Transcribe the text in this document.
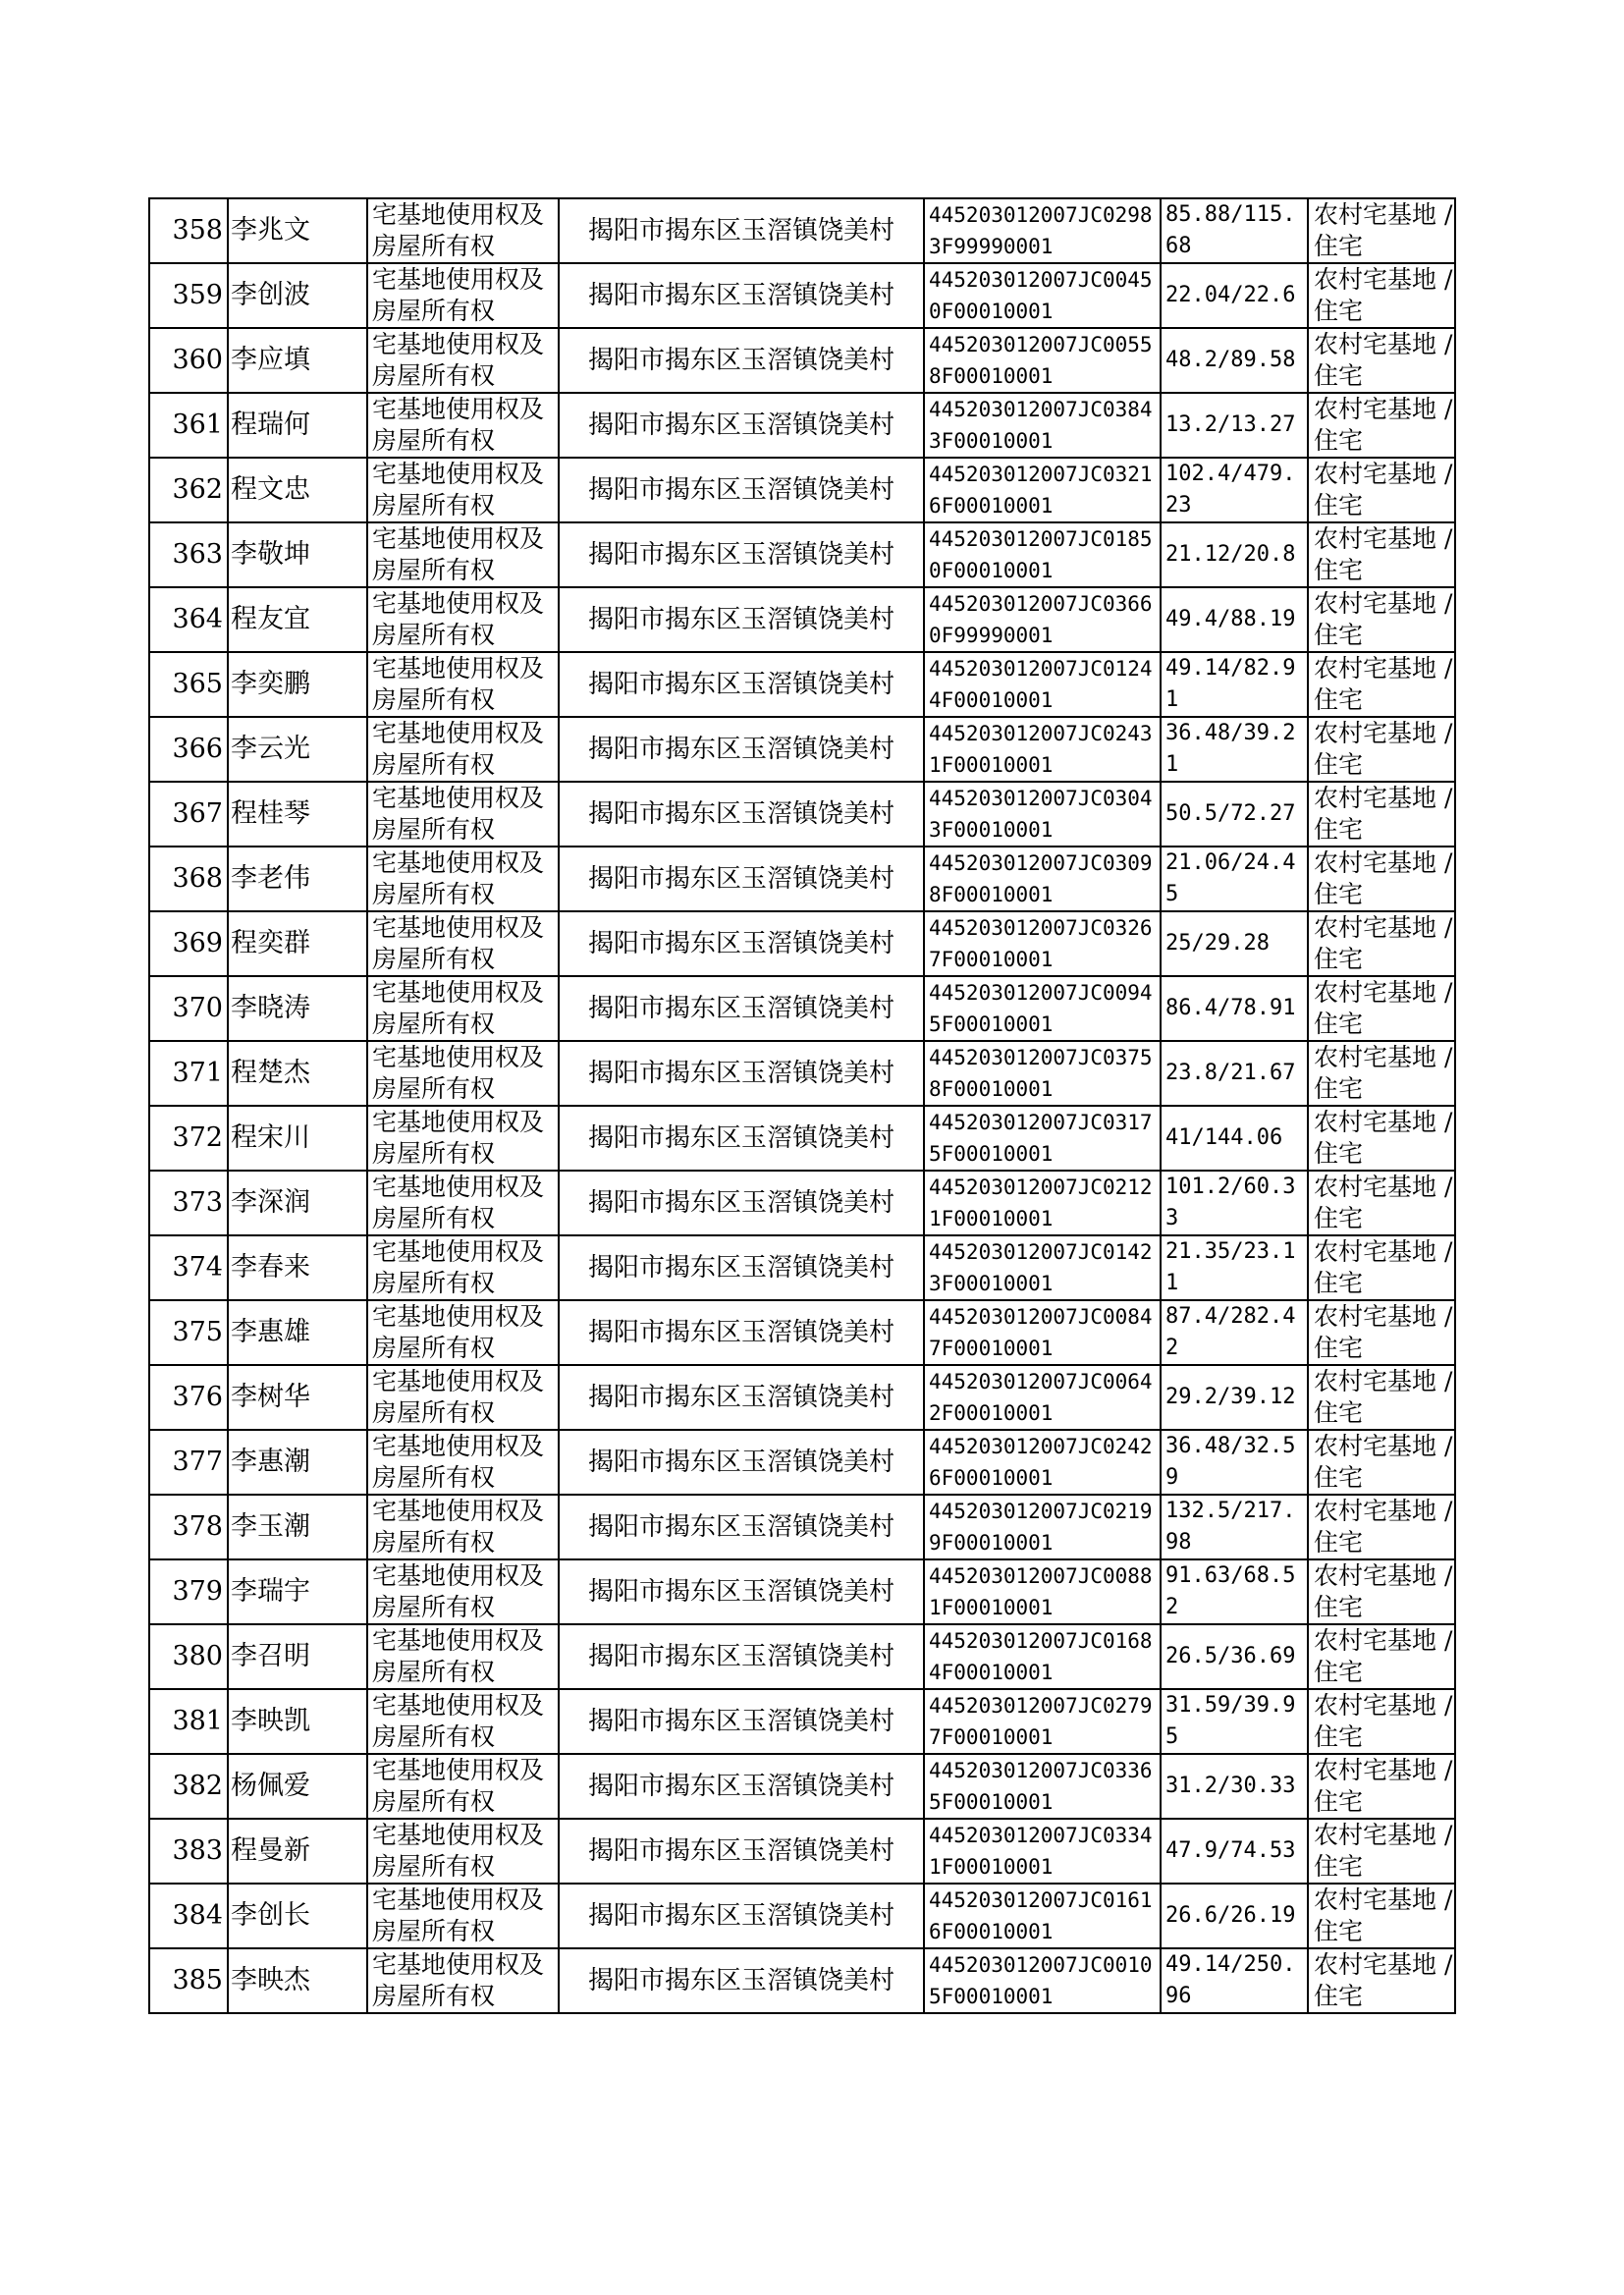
358	李兆文	宅基地使用权及房屋所有权	揭阳市揭东区玉滘镇饶美村	445203012007JC02983F99990001	85.88/115.68	农村宅基地 / 住宅

359	李创波	宅基地使用权及房屋所有权	揭阳市揭东区玉滘镇饶美村	445203012007JC00450F00010001	22.04/22.6	农村宅基地 / 住宅

360	李应填	宅基地使用权及房屋所有权	揭阳市揭东区玉滘镇饶美村	445203012007JC00558F00010001	48.2/89.58	农村宅基地 / 住宅

361	程瑞何	宅基地使用权及房屋所有权	揭阳市揭东区玉滘镇饶美村	445203012007JC03843F00010001	13.2/13.27	农村宅基地 / 住宅

362	程文忠	宅基地使用权及房屋所有权	揭阳市揭东区玉滘镇饶美村	445203012007JC03216F00010001	102.4/479.23	农村宅基地 / 住宅

363	李敬坤	宅基地使用权及房屋所有权	揭阳市揭东区玉滘镇饶美村	445203012007JC01850F00010001	21.12/20.8	农村宅基地 / 住宅

364	程友宜	宅基地使用权及房屋所有权	揭阳市揭东区玉滘镇饶美村	445203012007JC03660F99990001	49.4/88.19	农村宅基地 / 住宅

365	李奕鹏	宅基地使用权及房屋所有权	揭阳市揭东区玉滘镇饶美村	445203012007JC01244F00010001	49.14/82.91	农村宅基地 / 住宅

366	李云光	宅基地使用权及房屋所有权	揭阳市揭东区玉滘镇饶美村	445203012007JC02431F00010001	36.48/39.21	农村宅基地 / 住宅

367	程桂琴	宅基地使用权及房屋所有权	揭阳市揭东区玉滘镇饶美村	445203012007JC03043F00010001	50.5/72.27	农村宅基地 / 住宅

368	李老伟	宅基地使用权及房屋所有权	揭阳市揭东区玉滘镇饶美村	445203012007JC03098F00010001	21.06/24.45	农村宅基地 / 住宅

369	程奕群	宅基地使用权及房屋所有权	揭阳市揭东区玉滘镇饶美村	445203012007JC03267F00010001	25/29.28	农村宅基地 / 住宅

370	李晓涛	宅基地使用权及房屋所有权	揭阳市揭东区玉滘镇饶美村	445203012007JC00945F00010001	86.4/78.91	农村宅基地 / 住宅

371	程楚杰	宅基地使用权及房屋所有权	揭阳市揭东区玉滘镇饶美村	445203012007JC03758F00010001	23.8/21.67	农村宅基地 / 住宅

372	程宋川	宅基地使用权及房屋所有权	揭阳市揭东区玉滘镇饶美村	445203012007JC03175F00010001	41/144.06	农村宅基地 / 住宅

373	李深润	宅基地使用权及房屋所有权	揭阳市揭东区玉滘镇饶美村	445203012007JC02121F00010001	101.2/60.33	农村宅基地 / 住宅

374	李春来	宅基地使用权及房屋所有权	揭阳市揭东区玉滘镇饶美村	445203012007JC01423F00010001	21.35/23.11	农村宅基地 / 住宅

375	李惠雄	宅基地使用权及房屋所有权	揭阳市揭东区玉滘镇饶美村	445203012007JC00847F00010001	87.4/282.42	农村宅基地 / 住宅

376	李树华	宅基地使用权及房屋所有权	揭阳市揭东区玉滘镇饶美村	445203012007JC00642F00010001	29.2/39.12	农村宅基地 / 住宅

377	李惠潮	宅基地使用权及房屋所有权	揭阳市揭东区玉滘镇饶美村	445203012007JC02426F00010001	36.48/32.59	农村宅基地 / 住宅

378	李玉潮	宅基地使用权及房屋所有权	揭阳市揭东区玉滘镇饶美村	445203012007JC02199F00010001	132.5/217.98	农村宅基地 / 住宅

379	李瑞宇	宅基地使用权及房屋所有权	揭阳市揭东区玉滘镇饶美村	445203012007JC00881F00010001	91.63/68.52	农村宅基地 / 住宅

380	李召明	宅基地使用权及房屋所有权	揭阳市揭东区玉滘镇饶美村	445203012007JC01684F00010001	26.5/36.69	农村宅基地 / 住宅

381	李映凯	宅基地使用权及房屋所有权	揭阳市揭东区玉滘镇饶美村	445203012007JC02797F00010001	31.59/39.95	农村宅基地 / 住宅

382	杨佩爱	宅基地使用权及房屋所有权	揭阳市揭东区玉滘镇饶美村	445203012007JC03365F00010001	31.2/30.33	农村宅基地 / 住宅

383	程曼新	宅基地使用权及房屋所有权	揭阳市揭东区玉滘镇饶美村	445203012007JC03341F00010001	47.9/74.53	农村宅基地 / 住宅

384	李创长	宅基地使用权及房屋所有权	揭阳市揭东区玉滘镇饶美村	445203012007JC01616F00010001	26.6/26.19	农村宅基地 / 住宅

385	李映杰	宅基地使用权及房屋所有权	揭阳市揭东区玉滘镇饶美村	445203012007JC00105F00010001	49.14/250.96	农村宅基地 / 住宅
